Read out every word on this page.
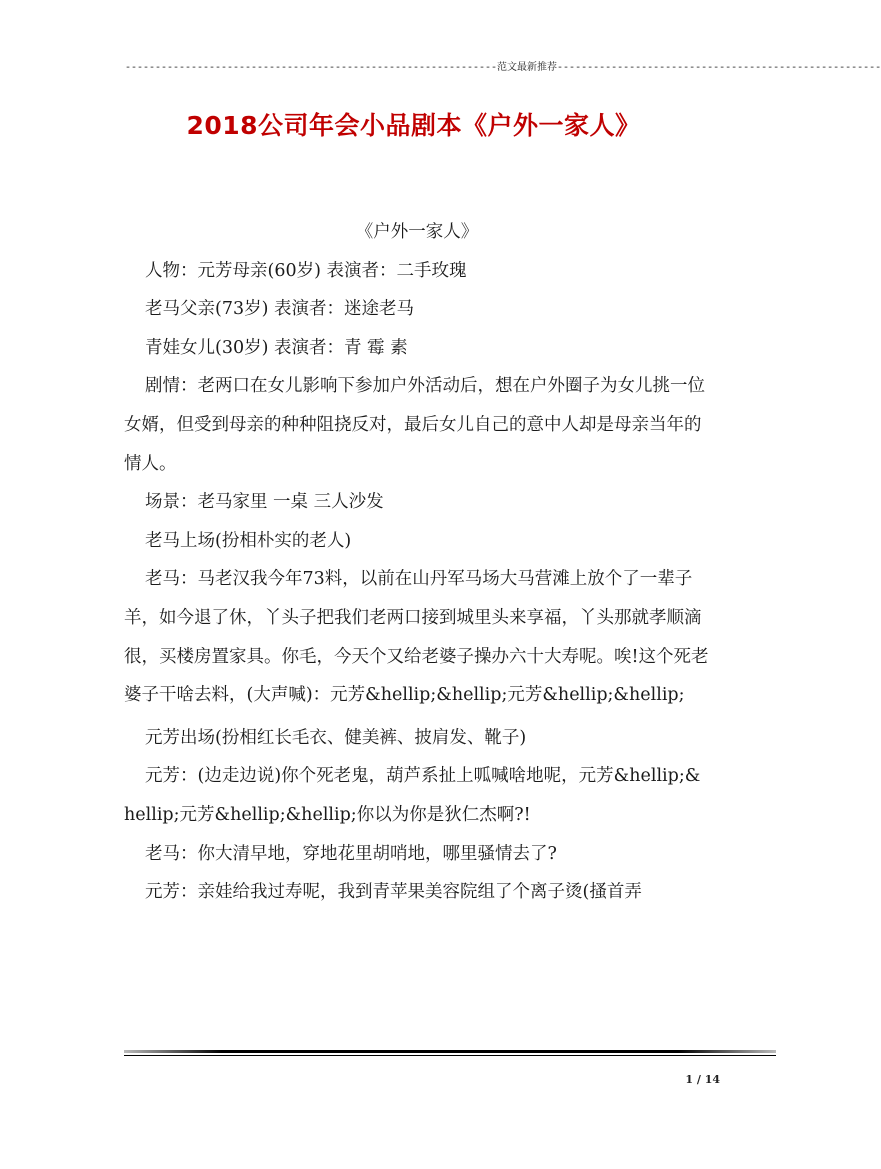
--------------------------------------------------------------范文最新推荐------------------------------------------------------
2018公司年会小品剧本《户外一家人》

《户外一家人》

人物：元芳母亲(60岁) 表演者：二手玫瑰

老马父亲(73岁) 表演者：迷途老马

青娃女儿(30岁) 表演者：青 霉 素

剧情：老两口在女儿影响下参加户外活动后，想在户外圈子为女儿挑一位女婿，但受到母亲的种种阻挠反对，最后女儿自己的意中人却是母亲当年的情人。

场景：老马家里 一桌 三人沙发

老马上场(扮相朴实的老人)

老马：马老汉我今年73料，以前在山丹军马场大马营滩上放个了一辈子羊，如今退了休，丫头子把我们老两口接到城里头来享福，丫头那就孝顺滴很，买楼房置家具。你毛，今天个又给老婆子操办六十大寿呢。唉!这个死老婆子干啥去料，(大声喊)：元芳&hellip;&hellip;元芳&hellip;&hellip;

元芳出场(扮相红长毛衣、健美裤、披肩发、靴子)

元芳：(边走边说)你个死老鬼，葫芦系扯上呱喊啥地呢，元芳&hellip;&hellip;元芳&hellip;&hellip;你以为你是狄仁杰啊?!

老马：你大清早地，穿地花里胡哨地，哪里骚情去了?

元芳：亲娃给我过寿呢，我到青苹果美容院组了个离子烫(搔首弄

1 / 14
